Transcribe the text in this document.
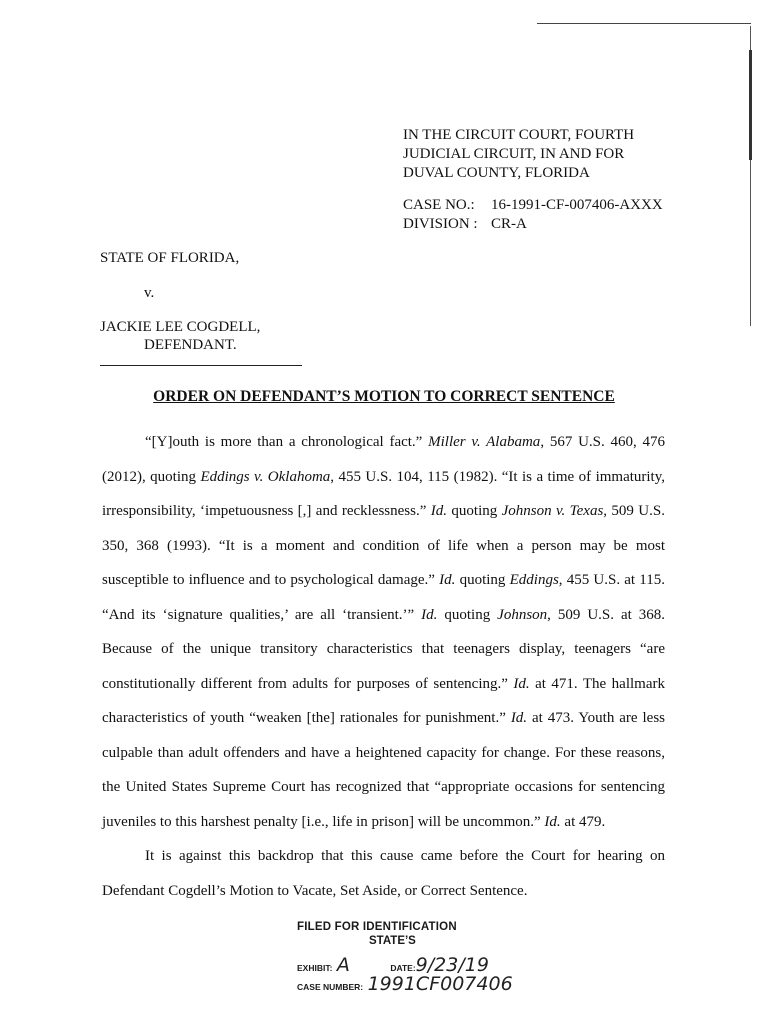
IN THE CIRCUIT COURT, FOURTH
JUDICIAL CIRCUIT, IN AND FOR
DUVAL COUNTY, FLORIDA
CASE NO.:	16-1991-CF-007406-AXXX
DIVISION : CR-A
STATE OF FLORIDA,
v.
JACKIE LEE COGDELL,
DEFENDANT.
ORDER ON DEFENDANT’S MOTION TO CORRECT SENTENCE

“[Y]outh is more than a chronological fact.” Miller v. Alabama, 567 U.S. 460, 476 (2012), quoting Eddings v. Oklahoma, 455 U.S. 104, 115 (1982). “It is a time of immaturity, irresponsibility, ‘impetuousness [,] and recklessness.” Id. quoting Johnson v. Texas, 509 U.S. 350, 368 (1993). “It is a moment and condition of life when a person may be most susceptible to influence and to psychological damage.” Id. quoting Eddings, 455 U.S. at 115. “And its ‘signature qualities,’ are all ‘transient.’” Id. quoting Johnson, 509 U.S. at 368. Because of the unique transitory characteristics that teenagers display, teenagers “are constitutionally different from adults for purposes of sentencing.” Id. at 471. The hallmark characteristics of youth “weaken [the] rationales for punishment.” Id. at 473. Youth are less culpable than adult offenders and have a heightened capacity for change. For these reasons, the United States Supreme Court has recognized that “appropriate occasions for sentencing juveniles to this harshest penalty [i.e., life in prison] will be uncommon.” Id. at 479.

It is against this backdrop that this cause came before the Court for hearing on Defendant Cogdell’s Motion to Vacate, Set Aside, or Correct Sentence.

FILED FOR IDENTIFICATION
STATE’S
EXHIBIT: A	DATE:9/23/19
CASE NUMBER: 1991CF007406
